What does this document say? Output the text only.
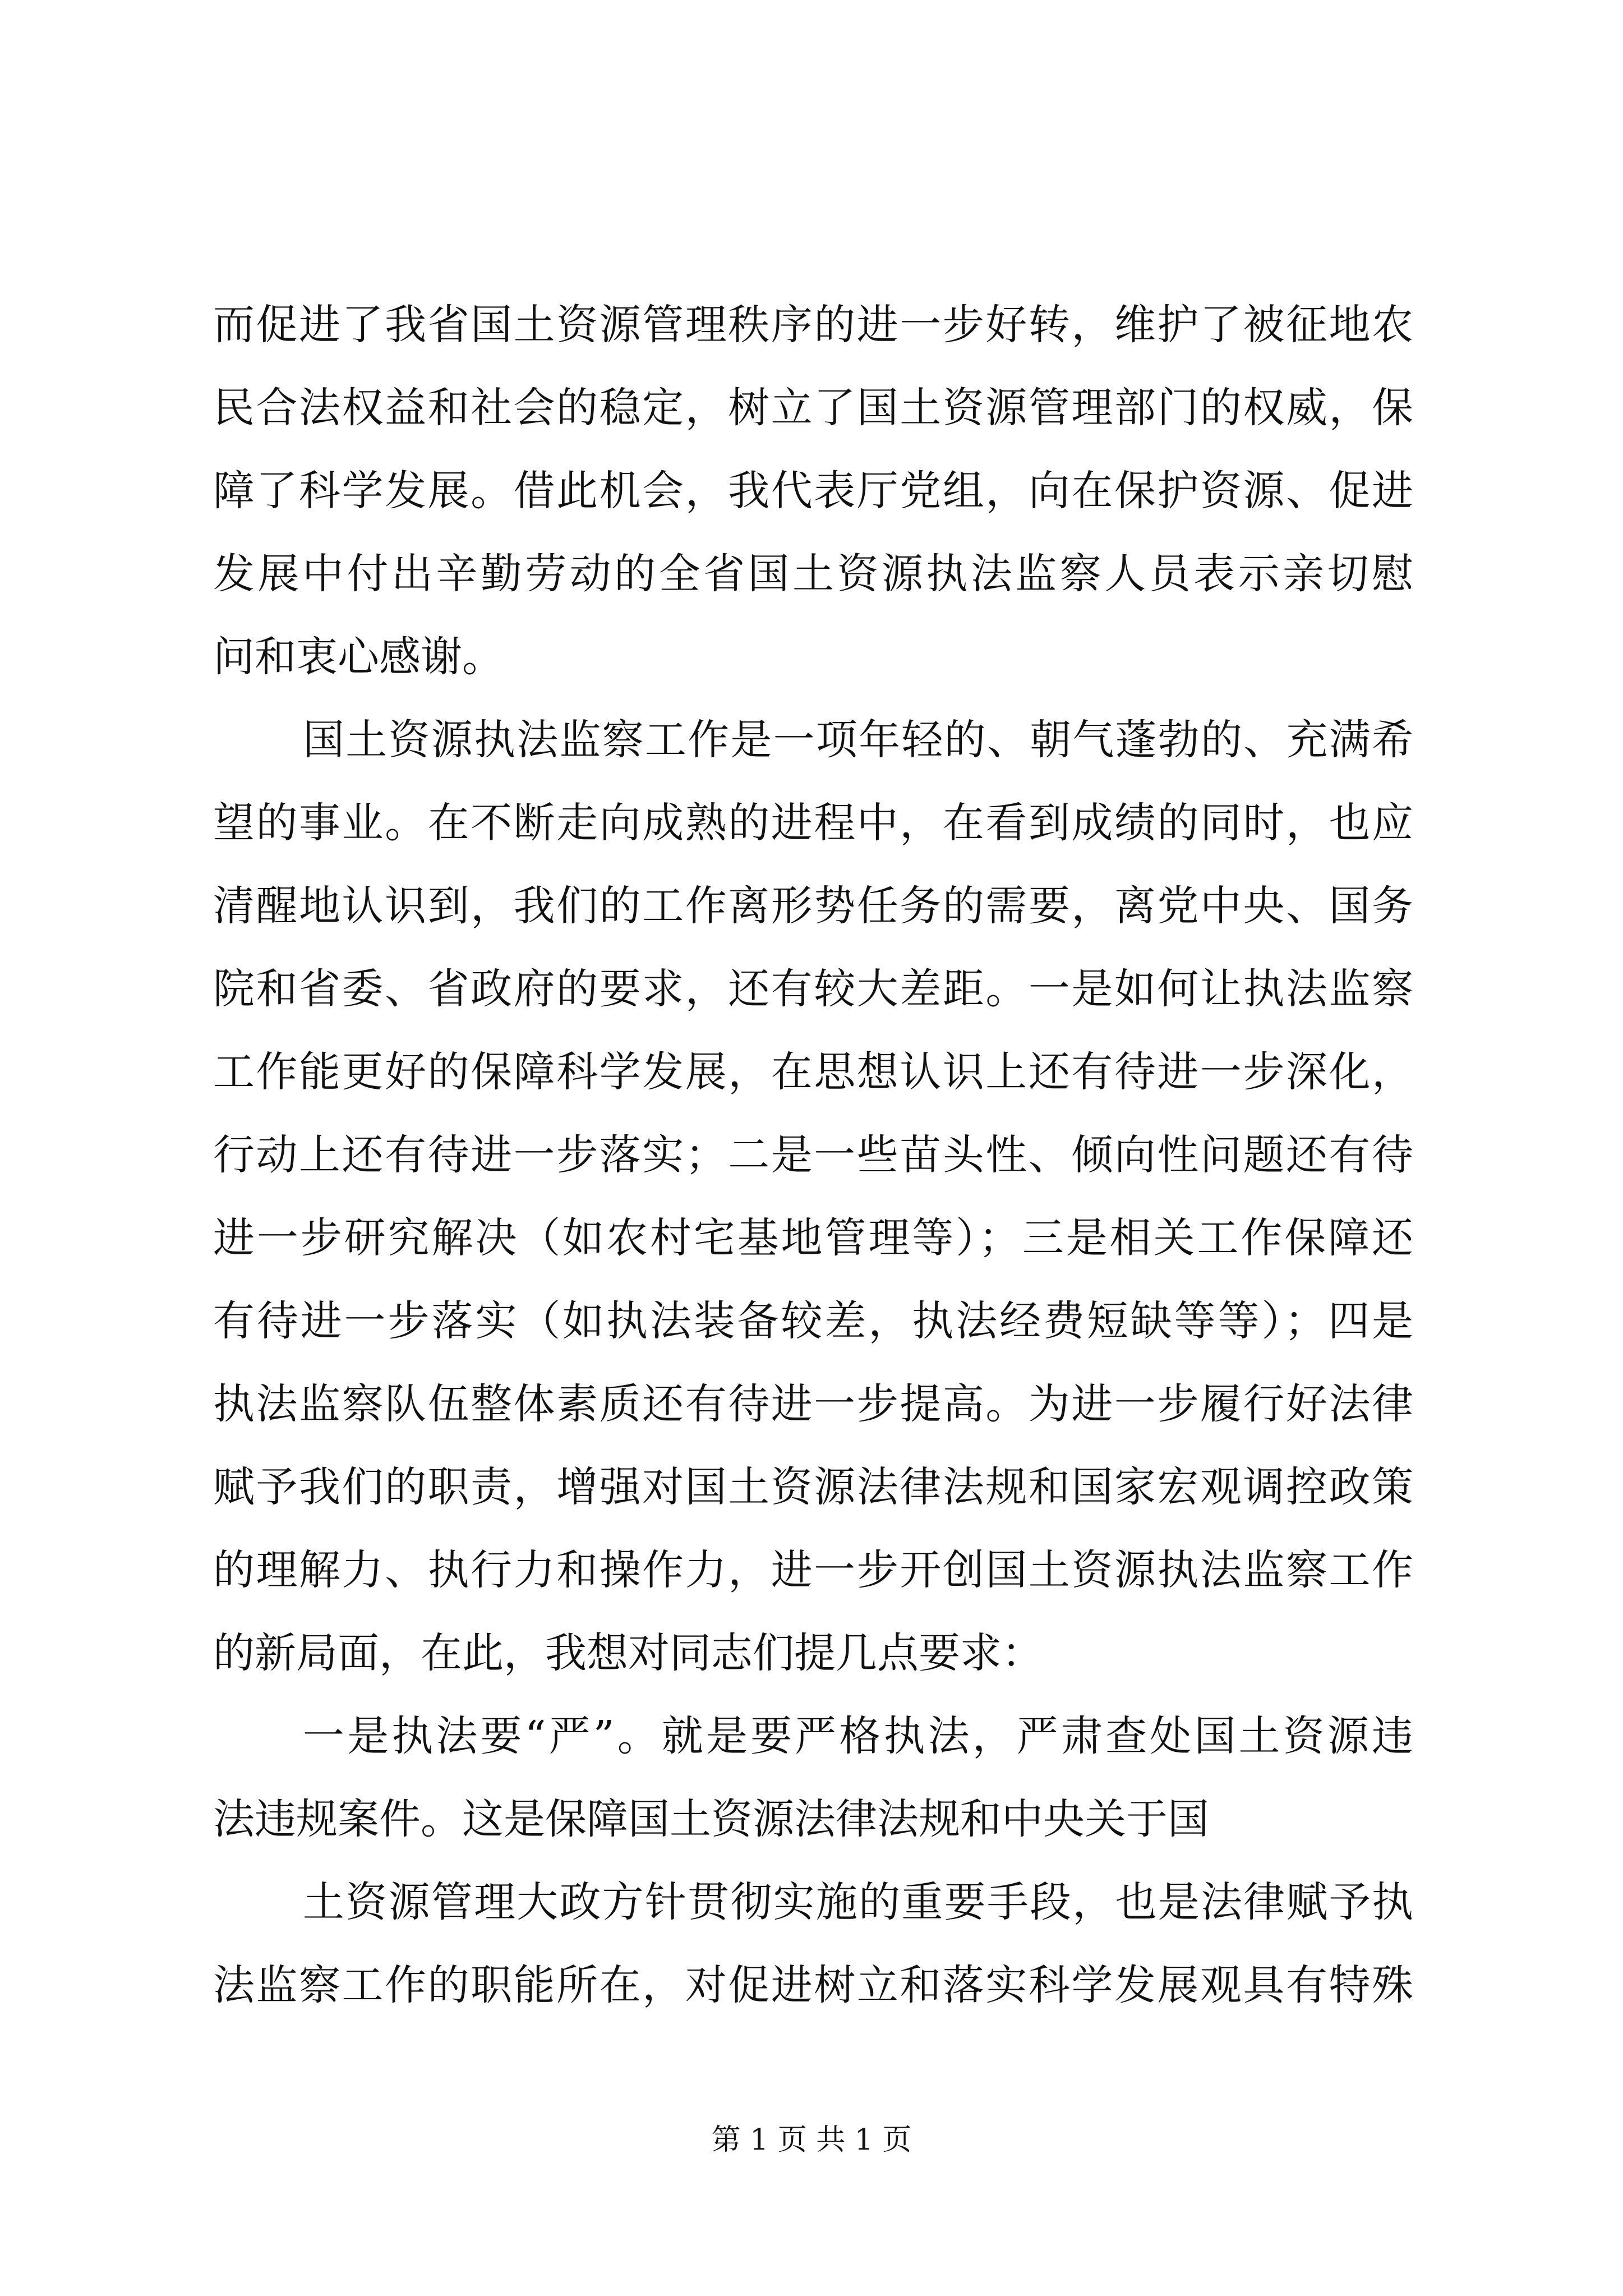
而促进了我省国土资源管理秩序的进一步好转，维护了被征地农
民合法权益和社会的稳定，树立了国土资源管理部门的权威，保
障了科学发展。借此机会，我代表厅党组，向在保护资源、促进
发展中付出辛勤劳动的全省国土资源执法监察人员表示亲切慰
问和衷心感谢。
国土资源执法监察工作是一项年轻的、朝气蓬勃的、充满希
望的事业。在不断走向成熟的进程中，在看到成绩的同时，也应
清醒地认识到，我们的工作离形势任务的需要，离党中央、国务
院和省委、省政府的要求，还有较大差距。一是如何让执法监察
工作能更好的保障科学发展，在思想认识上还有待进一步深化，
行动上还有待进一步落实；二是一些苗头性、倾向性问题还有待
进一步研究解决（如农村宅基地管理等）；三是相关工作保障还
有待进一步落实（如执法装备较差，执法经费短缺等等）；四是
执法监察队伍整体素质还有待进一步提高。为进一步履行好法律
赋予我们的职责，增强对国土资源法律法规和国家宏观调控政策
的理解力、执行力和操作力，进一步开创国土资源执法监察工作
的新局面，在此，我想对同志们提几点要求：
一是执法要“严”。就是要严格执法，严肃查处国土资源违
法违规案件。这是保障国土资源法律法规和中央关于国
土资源管理大政方针贯彻实施的重要手段，也是法律赋予执
法监察工作的职能所在，对促进树立和落实科学发展观具有特殊
第 1 页 共 1 页
